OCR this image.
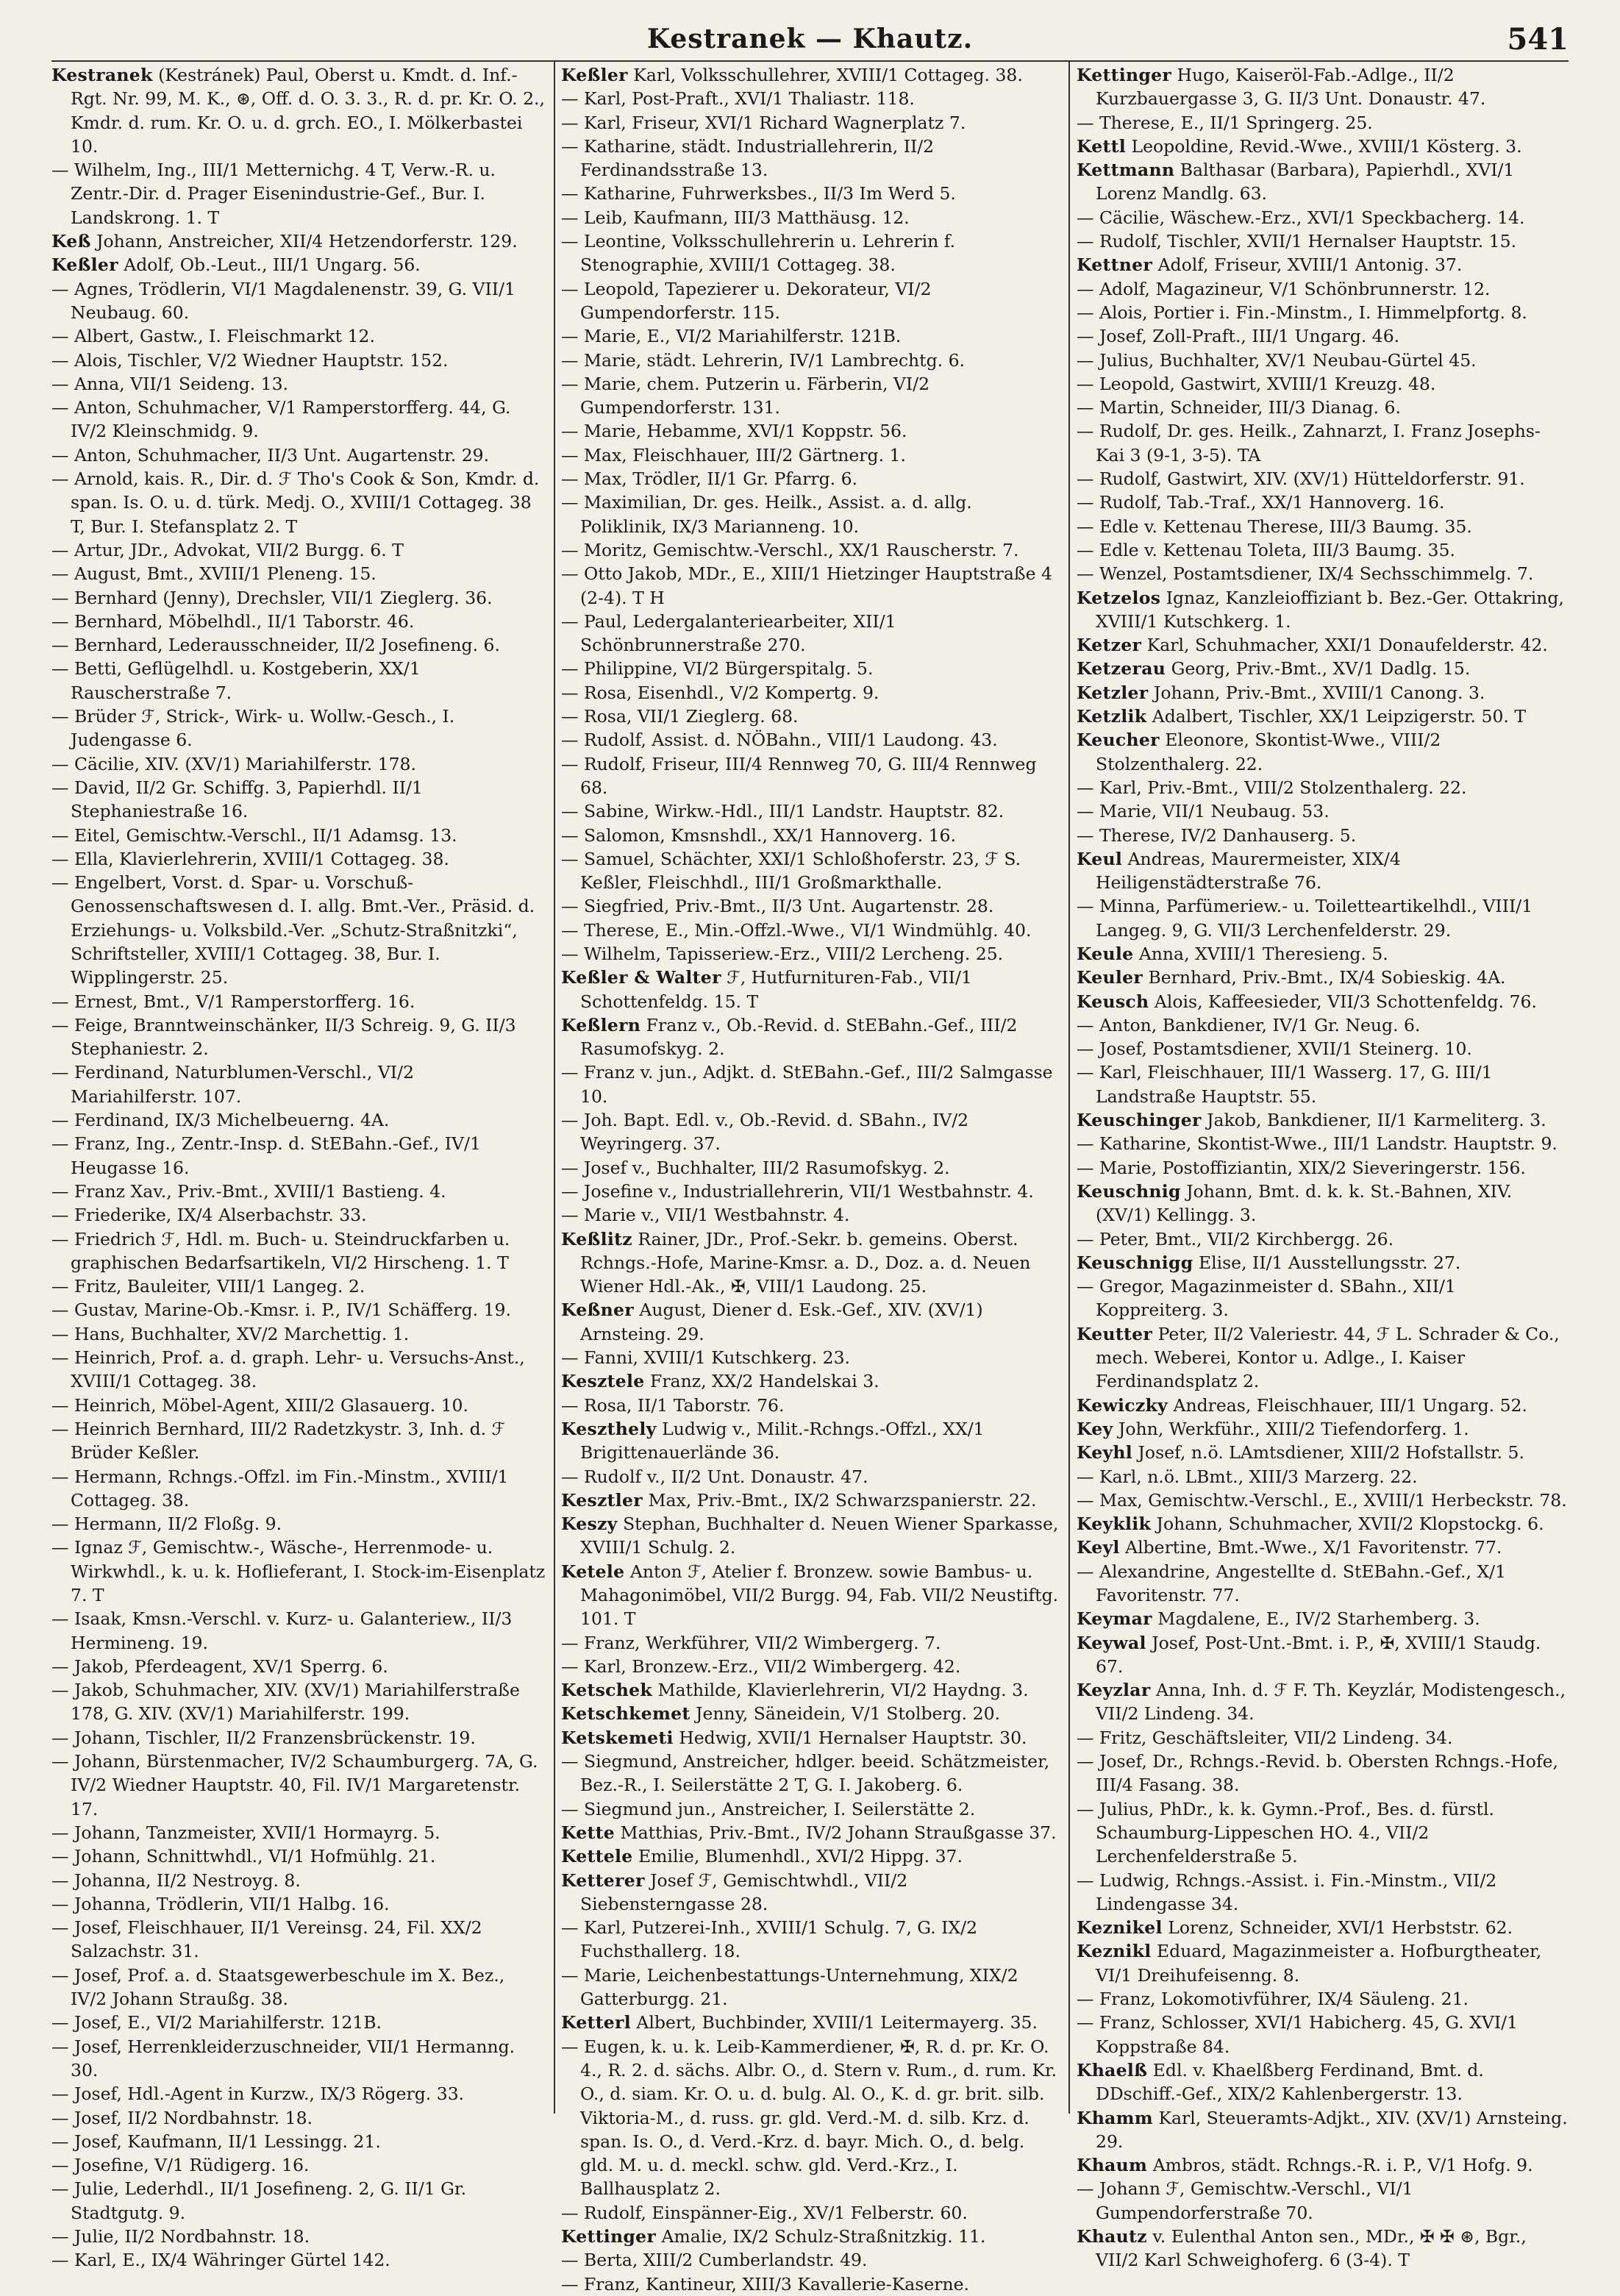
Kestranek — Khautz.	541

Kestranek (Kestránek) Paul, Oberst u. Kmdt. d. Inf.-Rgt. Nr. 99, M. K., ⊛, Off. d. O. 3. 3., R. d. pr. Kr. O. 2., Kmdr. d. rum. Kr. O. u. d. grch. EO., I. Mölkerbastei 10.

— Wilhelm, Ing., III/1 Metternichg. 4 T, Verw.-R. u. Zentr.-Dir. d. Prager Eisenindustrie-Gef., Bur. I. Landskrong. 1. T

Keß Johann, Anstreicher, XII/4 Hetzendorferstr. 129.

Keßler Adolf, Ob.-Leut., III/1 Ungarg. 56.

— Agnes, Trödlerin, VI/1 Magdalenenstr. 39, G. VII/1 Neubaug. 60.

— Albert, Gastw., I. Fleischmarkt 12.

— Alois, Tischler, V/2 Wiedner Hauptstr. 152.

— Anna, VII/1 Seideng. 13.

— Anton, Schuhmacher, V/1 Ramperstorfferg. 44, G. IV/2 Kleinschmidg. 9.

— Anton, Schuhmacher, II/3 Unt. Augartenstr. 29.

— Arnold, kais. R., Dir. d. ℱ Tho's Cook & Son, Kmdr. d. span. Is. O. u. d. türk. Medj. O., XVIII/1 Cottageg. 38 T, Bur. I. Stefansplatz 2. T

— Artur, JDr., Advokat, VII/2 Burgg. 6. T

— August, Bmt., XVIII/1 Pleneng. 15.

— Bernhard (Jenny), Drechsler, VII/1 Zieglerg. 36.

— Bernhard, Möbelhdl., II/1 Taborstr. 46.

— Bernhard, Lederausschneider, II/2 Josefineng. 6.

— Betti, Geflügelhdl. u. Kostgeberin, XX/1 Rauscherstraße 7.

— Brüder ℱ, Strick-, Wirk- u. Wollw.-Gesch., I. Judengasse 6.

— Cäcilie, XIV. (XV/1) Mariahilferstr. 178.

— David, II/2 Gr. Schiffg. 3, Papierhdl. II/1 Stephaniestraße 16.

— Eitel, Gemischtw.-Verschl., II/1 Adamsg. 13.

— Ella, Klavierlehrerin, XVIII/1 Cottageg. 38.

— Engelbert, Vorst. d. Spar- u. Vorschuß-Genossenschaftswesen d. I. allg. Bmt.-Ver., Präsid. d. Erziehungs- u. Volksbild.-Ver. „Schutz-Straßnitzki“, Schriftsteller, XVIII/1 Cottageg. 38, Bur. I. Wipplingerstr. 25.

— Ernest, Bmt., V/1 Ramperstorfferg. 16.

— Feige, Branntweinschänker, II/3 Schreig. 9, G. II/3 Stephaniestr. 2.

— Ferdinand, Naturblumen-Verschl., VI/2 Mariahilferstr. 107.

— Ferdinand, IX/3 Michelbeuerng. 4A.

— Franz, Ing., Zentr.-Insp. d. StEBahn.-Gef., IV/1 Heugasse 16.

— Franz Xav., Priv.-Bmt., XVIII/1 Bastieng. 4.

— Friederike, IX/4 Alserbachstr. 33.

— Friedrich ℱ, Hdl. m. Buch- u. Steindruckfarben u. graphischen Bedarfsartikeln, VI/2 Hirscheng. 1. T

— Fritz, Bauleiter, VIII/1 Langeg. 2.

— Gustav, Marine-Ob.-Kmsr. i. P., IV/1 Schäfferg. 19.

— Hans, Buchhalter, XV/2 Marchettig. 1.

— Heinrich, Prof. a. d. graph. Lehr- u. Versuchs-Anst., XVIII/1 Cottageg. 38.

— Heinrich, Möbel-Agent, XIII/2 Glasauerg. 10.

— Heinrich Bernhard, III/2 Radetzkystr. 3, Inh. d. ℱ Brüder Keßler.

— Hermann, Rchngs.-Offzl. im Fin.-Minstm., XVIII/1 Cottageg. 38.

— Hermann, II/2 Floßg. 9.

— Ignaz ℱ, Gemischtw.-, Wäsche-, Herrenmode- u. Wirkwhdl., k. u. k. Hoflieferant, I. Stock-im-Eisenplatz 7. T

— Isaak, Kmsn.-Verschl. v. Kurz- u. Galanteriew., II/3 Hermineng. 19.

— Jakob, Pferdeagent, XV/1 Sperrg. 6.

— Jakob, Schuhmacher, XIV. (XV/1) Mariahilferstraße 178, G. XIV. (XV/1) Mariahilferstr. 199.

— Johann, Tischler, II/2 Franzensbrückenstr. 19.

— Johann, Bürstenmacher, IV/2 Schaumburgerg. 7A, G. IV/2 Wiedner Hauptstr. 40, Fil. IV/1 Margaretenstr. 17.

— Johann, Tanzmeister, XVII/1 Hormayrg. 5.

— Johann, Schnittwhdl., VI/1 Hofmühlg. 21.

— Johanna, II/2 Nestroyg. 8.

— Johanna, Trödlerin, VII/1 Halbg. 16.

— Josef, Fleischhauer, II/1 Vereinsg. 24, Fil. XX/2 Salzachstr. 31.

— Josef, Prof. a. d. Staatsgewerbeschule im X. Bez., IV/2 Johann Straußg. 38.

— Josef, E., VI/2 Mariahilferstr. 121B.

— Josef, Herrenkleiderzuschneider, VII/1 Hermanng. 30.

— Josef, Hdl.-Agent in Kurzw., IX/3 Rögerg. 33.

— Josef, II/2 Nordbahnstr. 18.

— Josef, Kaufmann, II/1 Lessingg. 21.

— Josefine, V/1 Rüdigerg. 16.

— Julie, Lederhdl., II/1 Josefineng. 2, G. II/1 Gr. Stadtgutg. 9.

— Julie, II/2 Nordbahnstr. 18.

— Karl, E., IX/4 Währinger Gürtel 142.

Keßler Karl, Volksschullehrer, XVIII/1 Cottageg. 38.

— Karl, Post-Praft., XVI/1 Thaliastr. 118.

— Karl, Friseur, XVI/1 Richard Wagnerplatz 7.

— Katharine, städt. Industriallehrerin, II/2 Ferdinandsstraße 13.

— Katharine, Fuhrwerksbes., II/3 Im Werd 5.

— Leib, Kaufmann, III/3 Matthäusg. 12.

— Leontine, Volksschullehrerin u. Lehrerin f. Stenographie, XVIII/1 Cottageg. 38.

— Leopold, Tapezierer u. Dekorateur, VI/2 Gumpendorferstr. 115.

— Marie, E., VI/2 Mariahilferstr. 121B.

— Marie, städt. Lehrerin, IV/1 Lambrechtg. 6.

— Marie, chem. Putzerin u. Färberin, VI/2 Gumpendorferstr. 131.

— Marie, Hebamme, XVI/1 Koppstr. 56.

— Max, Fleischhauer, III/2 Gärtnerg. 1.

— Max, Trödler, II/1 Gr. Pfarrg. 6.

— Maximilian, Dr. ges. Heilk., Assist. a. d. allg. Poliklinik, IX/3 Marianneng. 10.

— Moritz, Gemischtw.-Verschl., XX/1 Rauscherstr. 7.

— Otto Jakob, MDr., E., XIII/1 Hietzinger Hauptstraße 4 (2-4). T H

— Paul, Ledergalanteriearbeiter, XII/1 Schönbrunnerstraße 270.

— Philippine, VI/2 Bürgerspitalg. 5.

— Rosa, Eisenhdl., V/2 Kompertg. 9.

— Rosa, VII/1 Zieglerg. 68.

— Rudolf, Assist. d. NÖBahn., VIII/1 Laudong. 43.

— Rudolf, Friseur, III/4 Rennweg 70, G. III/4 Rennweg 68.

— Sabine, Wirkw.-Hdl., III/1 Landstr. Hauptstr. 82.

— Salomon, Kmsnshdl., XX/1 Hannoverg. 16.

— Samuel, Schächter, XXI/1 Schloßhoferstr. 23, ℱ S. Keßler, Fleischhdl., III/1 Großmarkthalle.

— Siegfried, Priv.-Bmt., II/3 Unt. Augartenstr. 28.

— Therese, E., Min.-Offzl.-Wwe., VI/1 Windmühlg. 40.

— Wilhelm, Tapisseriew.-Erz., VIII/2 Lercheng. 25.

Keßler & Walter ℱ, Hutfurnituren-Fab., VII/1 Schottenfeldg. 15. T

Keßlern Franz v., Ob.-Revid. d. StEBahn.-Gef., III/2 Rasumofskyg. 2.

— Franz v. jun., Adjkt. d. StEBahn.-Gef., III/2 Salmgasse 10.

— Joh. Bapt. Edl. v., Ob.-Revid. d. SBahn., IV/2 Weyringerg. 37.

— Josef v., Buchhalter, III/2 Rasumofskyg. 2.

— Josefine v., Industriallehrerin, VII/1 Westbahnstr. 4.

— Marie v., VII/1 Westbahnstr. 4.

Keßlitz Rainer, JDr., Prof.-Sekr. b. gemeins. Oberst. Rchngs.-Hofe, Marine-Kmsr. a. D., Doz. a. d. Neuen Wiener Hdl.-Ak., ✠, VIII/1 Laudong. 25.

Keßner August, Diener d. Esk.-Gef., XIV. (XV/1) Arnsteing. 29.

— Fanni, XVIII/1 Kutschkerg. 23.

Kesztele Franz, XX/2 Handelskai 3.

— Rosa, II/1 Taborstr. 76.

Keszthely Ludwig v., Milit.-Rchngs.-Offzl., XX/1 Brigittenauerlände 36.

— Rudolf v., II/2 Unt. Donaustr. 47.

Kesztler Max, Priv.-Bmt., IX/2 Schwarzspanierstr. 22.

Keszy Stephan, Buchhalter d. Neuen Wiener Sparkasse, XVIII/1 Schulg. 2.

Ketele Anton ℱ, Atelier f. Bronzew. sowie Bambus- u. Mahagonimöbel, VII/2 Burgg. 94, Fab. VII/2 Neustiftg. 101. T

— Franz, Werkführer, VII/2 Wimbergerg. 7.

— Karl, Bronzew.-Erz., VII/2 Wimbergerg. 42.

Ketschek Mathilde, Klavierlehrerin, VI/2 Haydng. 3.

Ketschkemet Jenny, Säneidein, V/1 Stolberg. 20.

Ketskemeti Hedwig, XVII/1 Hernalser Hauptstr. 30.

— Siegmund, Anstreicher, hdlger. beeid. Schätzmeister, Bez.-R., I. Seilerstätte 2 T, G. I. Jakoberg. 6.

— Siegmund jun., Anstreicher, I. Seilerstätte 2.

Kette Matthias, Priv.-Bmt., IV/2 Johann Straußgasse 37.

Kettele Emilie, Blumenhdl., XVI/2 Hippg. 37.

Ketterer Josef ℱ, Gemischtwhdl., VII/2 Siebensterngasse 28.

— Karl, Putzerei-Inh., XVIII/1 Schulg. 7, G. IX/2 Fuchsthallerg. 18.

— Marie, Leichenbestattungs-Unternehmung, XIX/2 Gatterburgg. 21.

Ketterl Albert, Buchbinder, XVIII/1 Leitermayerg. 35.

— Eugen, k. u. k. Leib-Kammerdiener, ✠, R. d. pr. Kr. O. 4., R. 2. d. sächs. Albr. O., d. Stern v. Rum., d. rum. Kr. O., d. siam. Kr. O. u. d. bulg. Al. O., K. d. gr. brit. silb. Viktoria-M., d. russ. gr. gld. Verd.-M. d. silb. Krz. d. span. Is. O., d. Verd.-Krz. d. bayr. Mich. O., d. belg. gld. M. u. d. meckl. schw. gld. Verd.-Krz., I. Ballhausplatz 2.

— Rudolf, Einspänner-Eig., XV/1 Felberstr. 60.

Kettinger Amalie, IX/2 Schulz-Straßnitzkig. 11.

— Berta, XIII/2 Cumberlandstr. 49.

— Franz, Kantineur, XIII/3 Kavallerie-Kaserne.

Kettinger Hugo, Kaiseröl-Fab.-Adlge., II/2 Kurzbauergasse 3, G. II/3 Unt. Donaustr. 47.

— Therese, E., II/1 Springerg. 25.

Kettl Leopoldine, Revid.-Wwe., XVIII/1 Kösterg. 3.

Kettmann Balthasar (Barbara), Papierhdl., XVI/1 Lorenz Mandlg. 63.

— Cäcilie, Wäschew.-Erz., XVI/1 Speckbacherg. 14.

— Rudolf, Tischler, XVII/1 Hernalser Hauptstr. 15.

Kettner Adolf, Friseur, XVIII/1 Antonig. 37.

— Adolf, Magazineur, V/1 Schönbrunnerstr. 12.

— Alois, Portier i. Fin.-Minstm., I. Himmelpfortg. 8.

— Josef, Zoll-Praft., III/1 Ungarg. 46.

— Julius, Buchhalter, XV/1 Neubau-Gürtel 45.

— Leopold, Gastwirt, XVIII/1 Kreuzg. 48.

— Martin, Schneider, III/3 Dianag. 6.

— Rudolf, Dr. ges. Heilk., Zahnarzt, I. Franz Josephs-Kai 3 (9-1, 3-5). TA

— Rudolf, Gastwirt, XIV. (XV/1) Hütteldorferstr. 91.

— Rudolf, Tab.-Traf., XX/1 Hannoverg. 16.

— Edle v. Kettenau Therese, III/3 Baumg. 35.

— Edle v. Kettenau Toleta, III/3 Baumg. 35.

— Wenzel, Postamtsdiener, IX/4 Sechsschimmelg. 7.

Ketzelos Ignaz, Kanzleioffiziant b. Bez.-Ger. Ottakring, XVIII/1 Kutschkerg. 1.

Ketzer Karl, Schuhmacher, XXI/1 Donaufelderstr. 42.

Ketzerau Georg, Priv.-Bmt., XV/1 Dadlg. 15.

Ketzler Johann, Priv.-Bmt., XVIII/1 Canong. 3.

Ketzlik Adalbert, Tischler, XX/1 Leipzigerstr. 50. T

Keucher Eleonore, Skontist-Wwe., VIII/2 Stolzenthalerg. 22.

— Karl, Priv.-Bmt., VIII/2 Stolzenthalerg. 22.

— Marie, VII/1 Neubaug. 53.

— Therese, IV/2 Danhauserg. 5.

Keul Andreas, Maurermeister, XIX/4 Heiligenstädterstraße 76.

— Minna, Parfümeriew.- u. Toiletteartikelhdl., VIII/1 Langeg. 9, G. VII/3 Lerchenfelderstr. 29.

Keule Anna, XVIII/1 Theresieng. 5.

Keuler Bernhard, Priv.-Bmt., IX/4 Sobieskig. 4A.

Keusch Alois, Kaffeesieder, VII/3 Schottenfeldg. 76.

— Anton, Bankdiener, IV/1 Gr. Neug. 6.

— Josef, Postamtsdiener, XVII/1 Steinerg. 10.

— Karl, Fleischhauer, III/1 Wasserg. 17, G. III/1 Landstraße Hauptstr. 55.

Keuschinger Jakob, Bankdiener, II/1 Karmeliterg. 3.

— Katharine, Skontist-Wwe., III/1 Landstr. Hauptstr. 9.

— Marie, Postoffiziantin, XIX/2 Sieveringerstr. 156.

Keuschnig Johann, Bmt. d. k. k. St.-Bahnen, XIV. (XV/1) Kellingg. 3.

— Peter, Bmt., VII/2 Kirchbergg. 26.

Keuschnigg Elise, II/1 Ausstellungsstr. 27.

— Gregor, Magazinmeister d. SBahn., XII/1 Koppreiterg. 3.

Keutter Peter, II/2 Valeriestr. 44, ℱ L. Schrader & Co., mech. Weberei, Kontor u. Adlge., I. Kaiser Ferdinandsplatz 2.

Kewiczky Andreas, Fleischhauer, III/1 Ungarg. 52.

Key John, Werkführ., XIII/2 Tiefendorferg. 1.

Keyhl Josef, n.ö. LAmtsdiener, XIII/2 Hofstallstr. 5.

— Karl, n.ö. LBmt., XIII/3 Marzerg. 22.

— Max, Gemischtw.-Verschl., E., XVIII/1 Herbeckstr. 78.

Keyklik Johann, Schuhmacher, XVII/2 Klopstockg. 6.

Keyl Albertine, Bmt.-Wwe., X/1 Favoritenstr. 77.

— Alexandrine, Angestellte d. StEBahn.-Gef., X/1 Favoritenstr. 77.

Keymar Magdalene, E., IV/2 Starhemberg. 3.

Keywal Josef, Post-Unt.-Bmt. i. P., ✠, XVIII/1 Staudg. 67.

Keyzlar Anna, Inh. d. ℱ F. Th. Keyzlár, Modistengesch., VII/2 Lindeng. 34.

— Fritz, Geschäftsleiter, VII/2 Lindeng. 34.

— Josef, Dr., Rchngs.-Revid. b. Obersten Rchngs.-Hofe, III/4 Fasang. 38.

— Julius, PhDr., k. k. Gymn.-Prof., Bes. d. fürstl. Schaumburg-Lippeschen HO. 4., VII/2 Lerchenfelderstraße 5.

— Ludwig, Rchngs.-Assist. i. Fin.-Minstm., VII/2 Lindengasse 34.

Keznikel Lorenz, Schneider, XVI/1 Herbststr. 62.

Keznikl Eduard, Magazinmeister a. Hofburgtheater, VI/1 Dreihufeisenng. 8.

— Franz, Lokomotivführer, IX/4 Säuleng. 21.

— Franz, Schlosser, XVI/1 Habicherg. 45, G. XVI/1 Koppstraße 84.

Khaelß Edl. v. Khaelßberg Ferdinand, Bmt. d. DDschiff.-Gef., XIX/2 Kahlenbergerstr. 13.

Khamm Karl, Steueramts-Adjkt., XIV. (XV/1) Arnsteing. 29.

Khaum Ambros, städt. Rchngs.-R. i. P., V/1 Hofg. 9.

— Johann ℱ, Gemischtw.-Verschl., VI/1 Gumpendorferstraße 70.

Khautz v. Eulenthal Anton sen., MDr., ✠ ✠ ⊛, Bgr., VII/2 Karl Schweighoferg. 6 (3-4). T
